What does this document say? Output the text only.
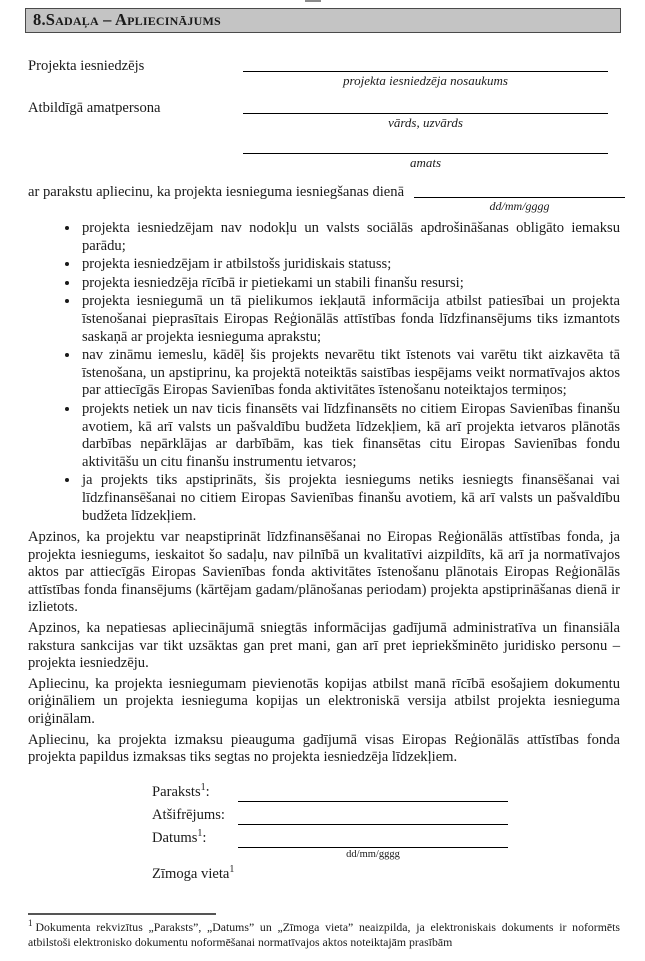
8.Sadaļa – Apliecinājums
Projekta iesniedzējs
projekta iesniedzēja nosaukums
Atbildīgā amatpersona
vārds, uzvārds
amats
ar parakstu apliecinu, ka projekta iesnieguma iesniegšanas dienā
dd/mm/gggg
• projekta iesniedzējam nav nodokļu un valsts sociālās apdrošināšanas obligāto iemaksu parādu;
• projekta iesniedzējam ir atbilstošs juridiskais statuss;
• projekta iesniedzēja rīcībā ir pietiekami un stabili finanšu resursi;
• projekta iesniegumā un tā pielikumos iekļautā informācija atbilst patiesībai un projekta īstenošanai pieprasītais Eiropas Reģionālās attīstības fonda līdzfinansējums tiks izmantots saskaņā ar projekta iesnieguma aprakstu;
• nav zināmu iemeslu, kādēļ šis projekts nevarētu tikt īstenots vai varētu tikt aizkavēta tā īstenošana, un apstiprinu, ka projektā noteiktās saistības iespējams veikt normatīvajos aktos par attiecīgās Eiropas Savienības fonda aktivitātes īstenošanu noteiktajos termiņos;
• projekts netiek un nav ticis finansēts vai līdzfinansēts no citiem Eiropas Savienības finanšu avotiem, kā arī valsts un pašvaldību budžeta līdzekļiem, kā arī projekta ietvaros plānotās darbības nepārklājas ar darbībām, kas tiek finansētas citu Eiropas Savienības fondu aktivitāšu un citu finanšu instrumentu ietvaros;
• ja projekts tiks apstiprināts, šis projekta iesniegums netiks iesniegts finansēšanai vai līdzfinansēšanai no citiem Eiropas Savienības finanšu avotiem, kā arī valsts un pašvaldību budžeta līdzekļiem.
Apzinos, ka projektu var neapstiprināt līdzfinansēšanai no Eiropas Reģionālās attīstības fonda, ja projekta iesniegums, ieskaitot šo sadaļu, nav pilnībā un kvalitatīvi aizpildīts, kā arī ja normatīvajos aktos par attiecīgās Eiropas Savienības fonda aktivitātes īstenošanu plānotais Eiropas Reģionālās attīstības fonda finansējums (kārtējam gadam/plānošanas periodam) projekta apstiprināšanas dienā ir izlietots.
Apzinos, ka nepatiesas apliecinājumā sniegtās informācijas gadījumā administratīva un finansiāla rakstura sankcijas var tikt uzsāktas gan pret mani, gan arī pret iepriekšminēto juridisko personu – projekta iesniedzēju.
Apliecinu, ka projekta iesniegumam pievienotās kopijas atbilst manā rīcībā esošajiem dokumentu oriģināliem un projekta iesnieguma kopijas un elektroniskā versija atbilst projekta iesnieguma oriģinālam.
Apliecinu, ka projekta izmaksu pieauguma gadījumā visas Eiropas Reģionālās attīstības fonda projekta papildus izmaksas tiks segtas no projekta iesniedzēja līdzekļiem.
Paraksts$^1$:
Atšifrējums:
Datums$^1$:
dd/mm/gggg
Zīmoga vieta$^1$
$^1$ Dokumenta rekvizītus „Paraksts”, „Datums” un „Zīmoga vieta” neaizpilda, ja elektroniskais dokuments ir noformēts atbilstoši elektronisko dokumentu noformēšanai normatīvajos aktos noteiktajām prasībām
